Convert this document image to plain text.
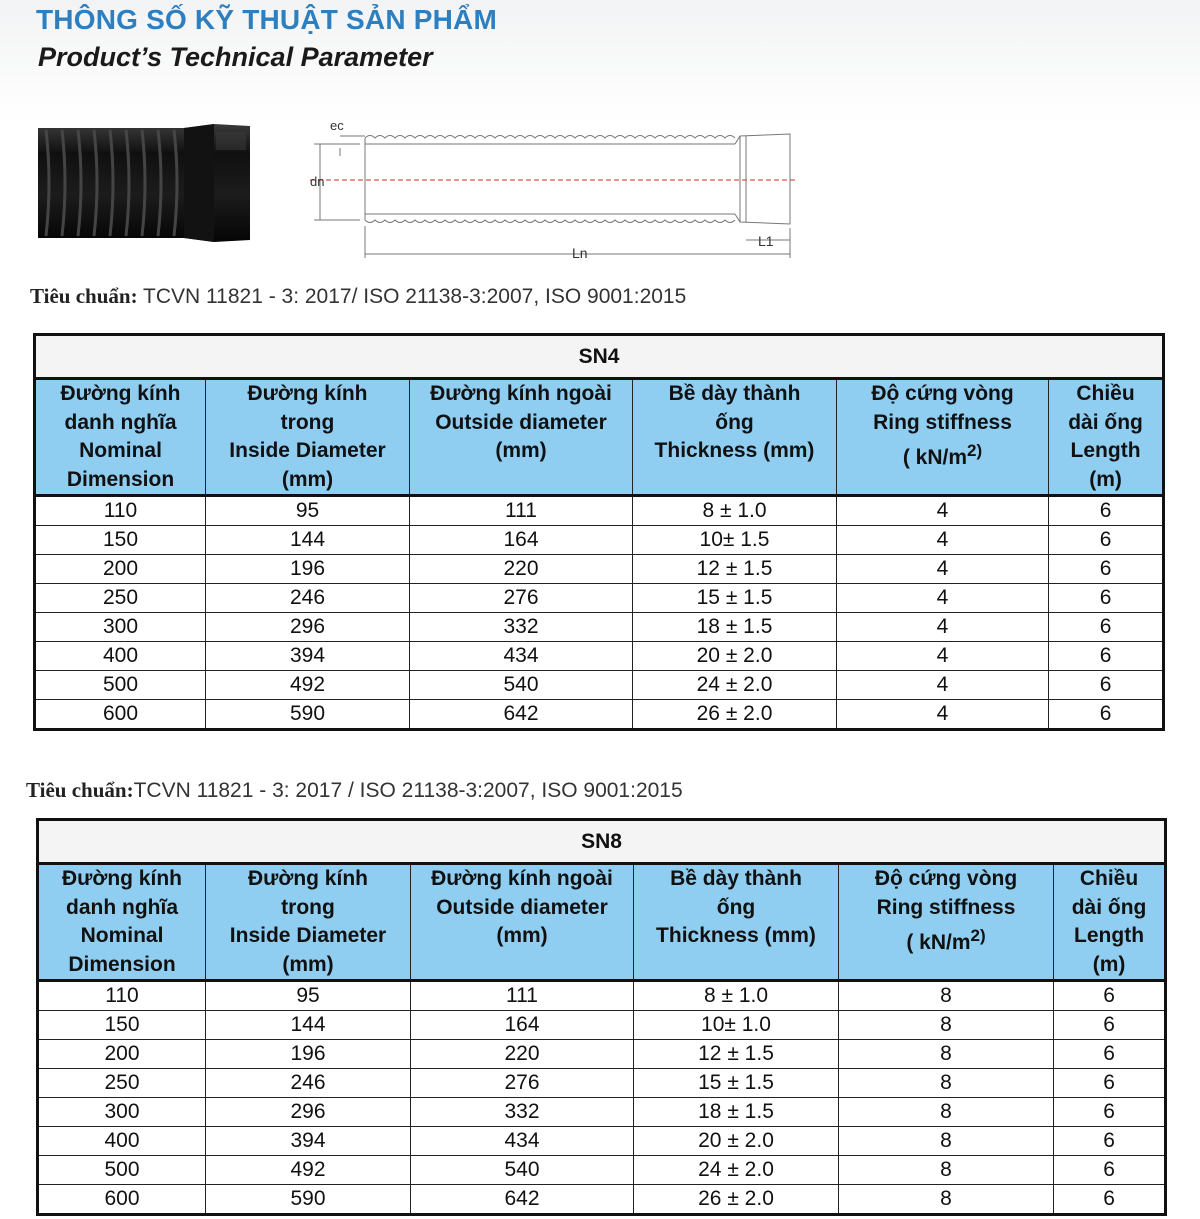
THÔNG SỐ KỸ THUẬT SẢN PHẨM
Product’s Technical Parameter
ec
dn
Ln
L1
Tiêu chuẩn: TCVN 11821 - 3: 2017/ ISO 21138-3:2007, ISO 9001:2015
SN4					

Đường kính
danh nghĩa
Nominal
Dimension	Đường kính
trong
Inside Diameter
(mm)	Đường kính ngoài
Outside diameter
(mm)	Bề dày thành
ống
Thickness (mm)	Độ cứng vòng
Ring stiffness
( $kN/m^{2)}$	Chiều
dài ống
Length
(m)

110	95	111	8 ± 1.0	4	6
150	144	164	10± 1.5	4	6
200	196	220	12 ± 1.5	4	6
250	246	276	15 ± 1.5	4	6
300	296	332	18 ± 1.5	4	6
400	394	434	20 ± 2.0	4	6
500	492	540	24 ± 2.0	4	6
600	590	642	26 ± 2.0	4	6
Tiêu chuẩn:TCVN 11821 - 3: 2017 / ISO 21138-3:2007, ISO 9001:2015
SN8					

Đường kính
danh nghĩa
Nominal
Dimension	Đường kính
trong
Inside Diameter
(mm)	Đường kính ngoài
Outside diameter
(mm)	Bề dày thành
ống
Thickness (mm)	Độ cứng vòng
Ring stiffness
( $kN/m^{2)}$	Chiều
dài ống
Length
(m)

110	95	111	8 ± 1.0	8	6
150	144	164	10± 1.0	8	6
200	196	220	12 ± 1.5	8	6
250	246	276	15 ± 1.5	8	6
300	296	332	18 ± 1.5	8	6
400	394	434	20 ± 2.0	8	6
500	492	540	24 ± 2.0	8	6
600	590	642	26 ± 2.0	8	6
